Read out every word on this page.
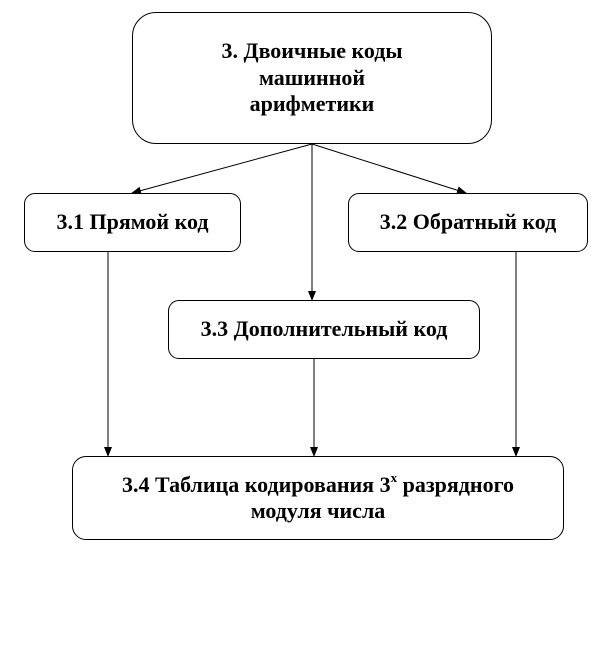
3. Двоичные коды
машинной
арифметики
3.1 Прямой код	3.2 Обратный код
3.3 Дополнительный код
3.4 Таблица кодирования 3$^x$ разрядного
модуля числа
